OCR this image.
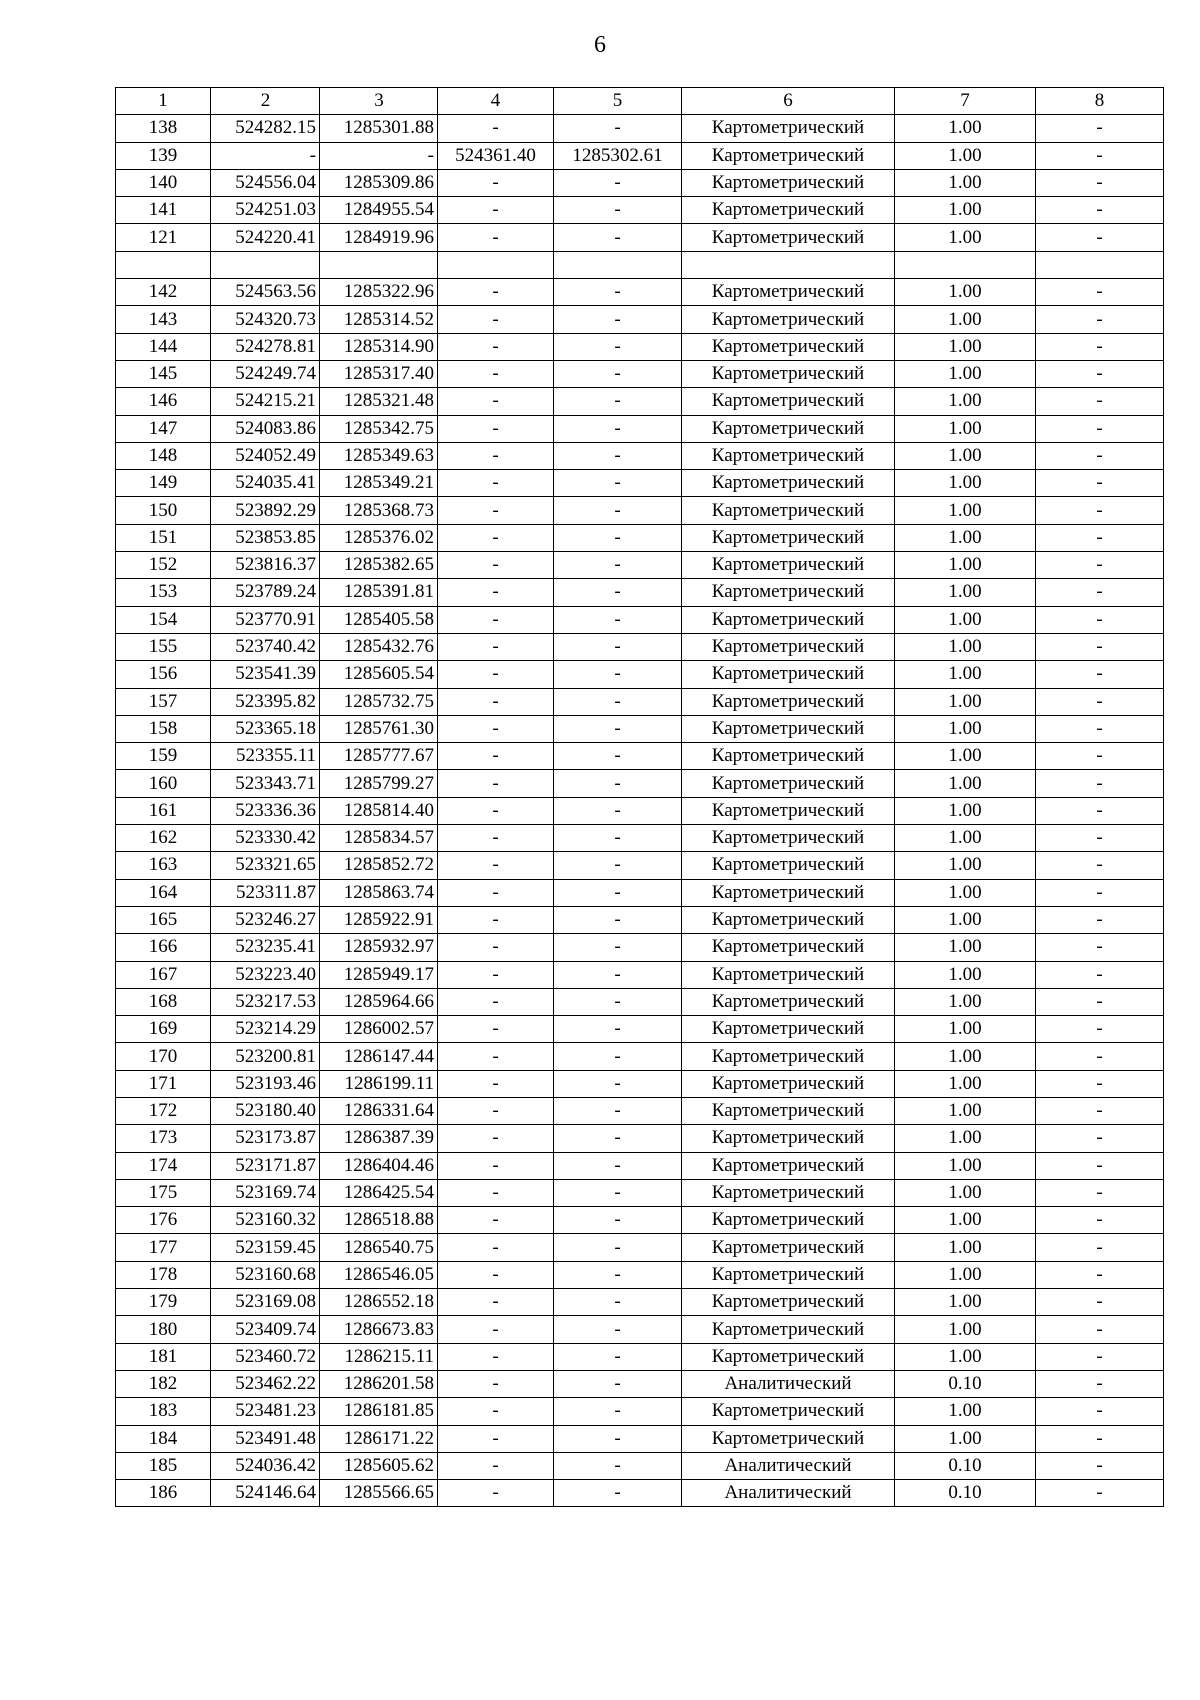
6
1	2	3	4	5	6	7	8
138	524282.15	1285301.88	-	-	Картометрический	1.00	-
139	-	-	524361.40	1285302.61	Картометрический	1.00	-
140	524556.04	1285309.86	-	-	Картометрический	1.00	-
141	524251.03	1284955.54	-	-	Картометрический	1.00	-
121	524220.41	1284919.96	-	-	Картометрический	1.00	-

142	524563.56	1285322.96	-	-	Картометрический	1.00	-
143	524320.73	1285314.52	-	-	Картометрический	1.00	-
144	524278.81	1285314.90	-	-	Картометрический	1.00	-
145	524249.74	1285317.40	-	-	Картометрический	1.00	-
146	524215.21	1285321.48	-	-	Картометрический	1.00	-
147	524083.86	1285342.75	-	-	Картометрический	1.00	-
148	524052.49	1285349.63	-	-	Картометрический	1.00	-
149	524035.41	1285349.21	-	-	Картометрический	1.00	-
150	523892.29	1285368.73	-	-	Картометрический	1.00	-
151	523853.85	1285376.02	-	-	Картометрический	1.00	-
152	523816.37	1285382.65	-	-	Картометрический	1.00	-
153	523789.24	1285391.81	-	-	Картометрический	1.00	-
154	523770.91	1285405.58	-	-	Картометрический	1.00	-
155	523740.42	1285432.76	-	-	Картометрический	1.00	-
156	523541.39	1285605.54	-	-	Картометрический	1.00	-
157	523395.82	1285732.75	-	-	Картометрический	1.00	-
158	523365.18	1285761.30	-	-	Картометрический	1.00	-
159	523355.11	1285777.67	-	-	Картометрический	1.00	-
160	523343.71	1285799.27	-	-	Картометрический	1.00	-
161	523336.36	1285814.40	-	-	Картометрический	1.00	-
162	523330.42	1285834.57	-	-	Картометрический	1.00	-
163	523321.65	1285852.72	-	-	Картометрический	1.00	-
164	523311.87	1285863.74	-	-	Картометрический	1.00	-
165	523246.27	1285922.91	-	-	Картометрический	1.00	-
166	523235.41	1285932.97	-	-	Картометрический	1.00	-
167	523223.40	1285949.17	-	-	Картометрический	1.00	-
168	523217.53	1285964.66	-	-	Картометрический	1.00	-
169	523214.29	1286002.57	-	-	Картометрический	1.00	-
170	523200.81	1286147.44	-	-	Картометрический	1.00	-
171	523193.46	1286199.11	-	-	Картометрический	1.00	-
172	523180.40	1286331.64	-	-	Картометрический	1.00	-
173	523173.87	1286387.39	-	-	Картометрический	1.00	-
174	523171.87	1286404.46	-	-	Картометрический	1.00	-
175	523169.74	1286425.54	-	-	Картометрический	1.00	-
176	523160.32	1286518.88	-	-	Картометрический	1.00	-
177	523159.45	1286540.75	-	-	Картометрический	1.00	-
178	523160.68	1286546.05	-	-	Картометрический	1.00	-
179	523169.08	1286552.18	-	-	Картометрический	1.00	-
180	523409.74	1286673.83	-	-	Картометрический	1.00	-
181	523460.72	1286215.11	-	-	Картометрический	1.00	-
182	523462.22	1286201.58	-	-	Аналитический	0.10	-
183	523481.23	1286181.85	-	-	Картометрический	1.00	-
184	523491.48	1286171.22	-	-	Картометрический	1.00	-
185	524036.42	1285605.62	-	-	Аналитический	0.10	-
186	524146.64	1285566.65	-	-	Аналитический	0.10	-
